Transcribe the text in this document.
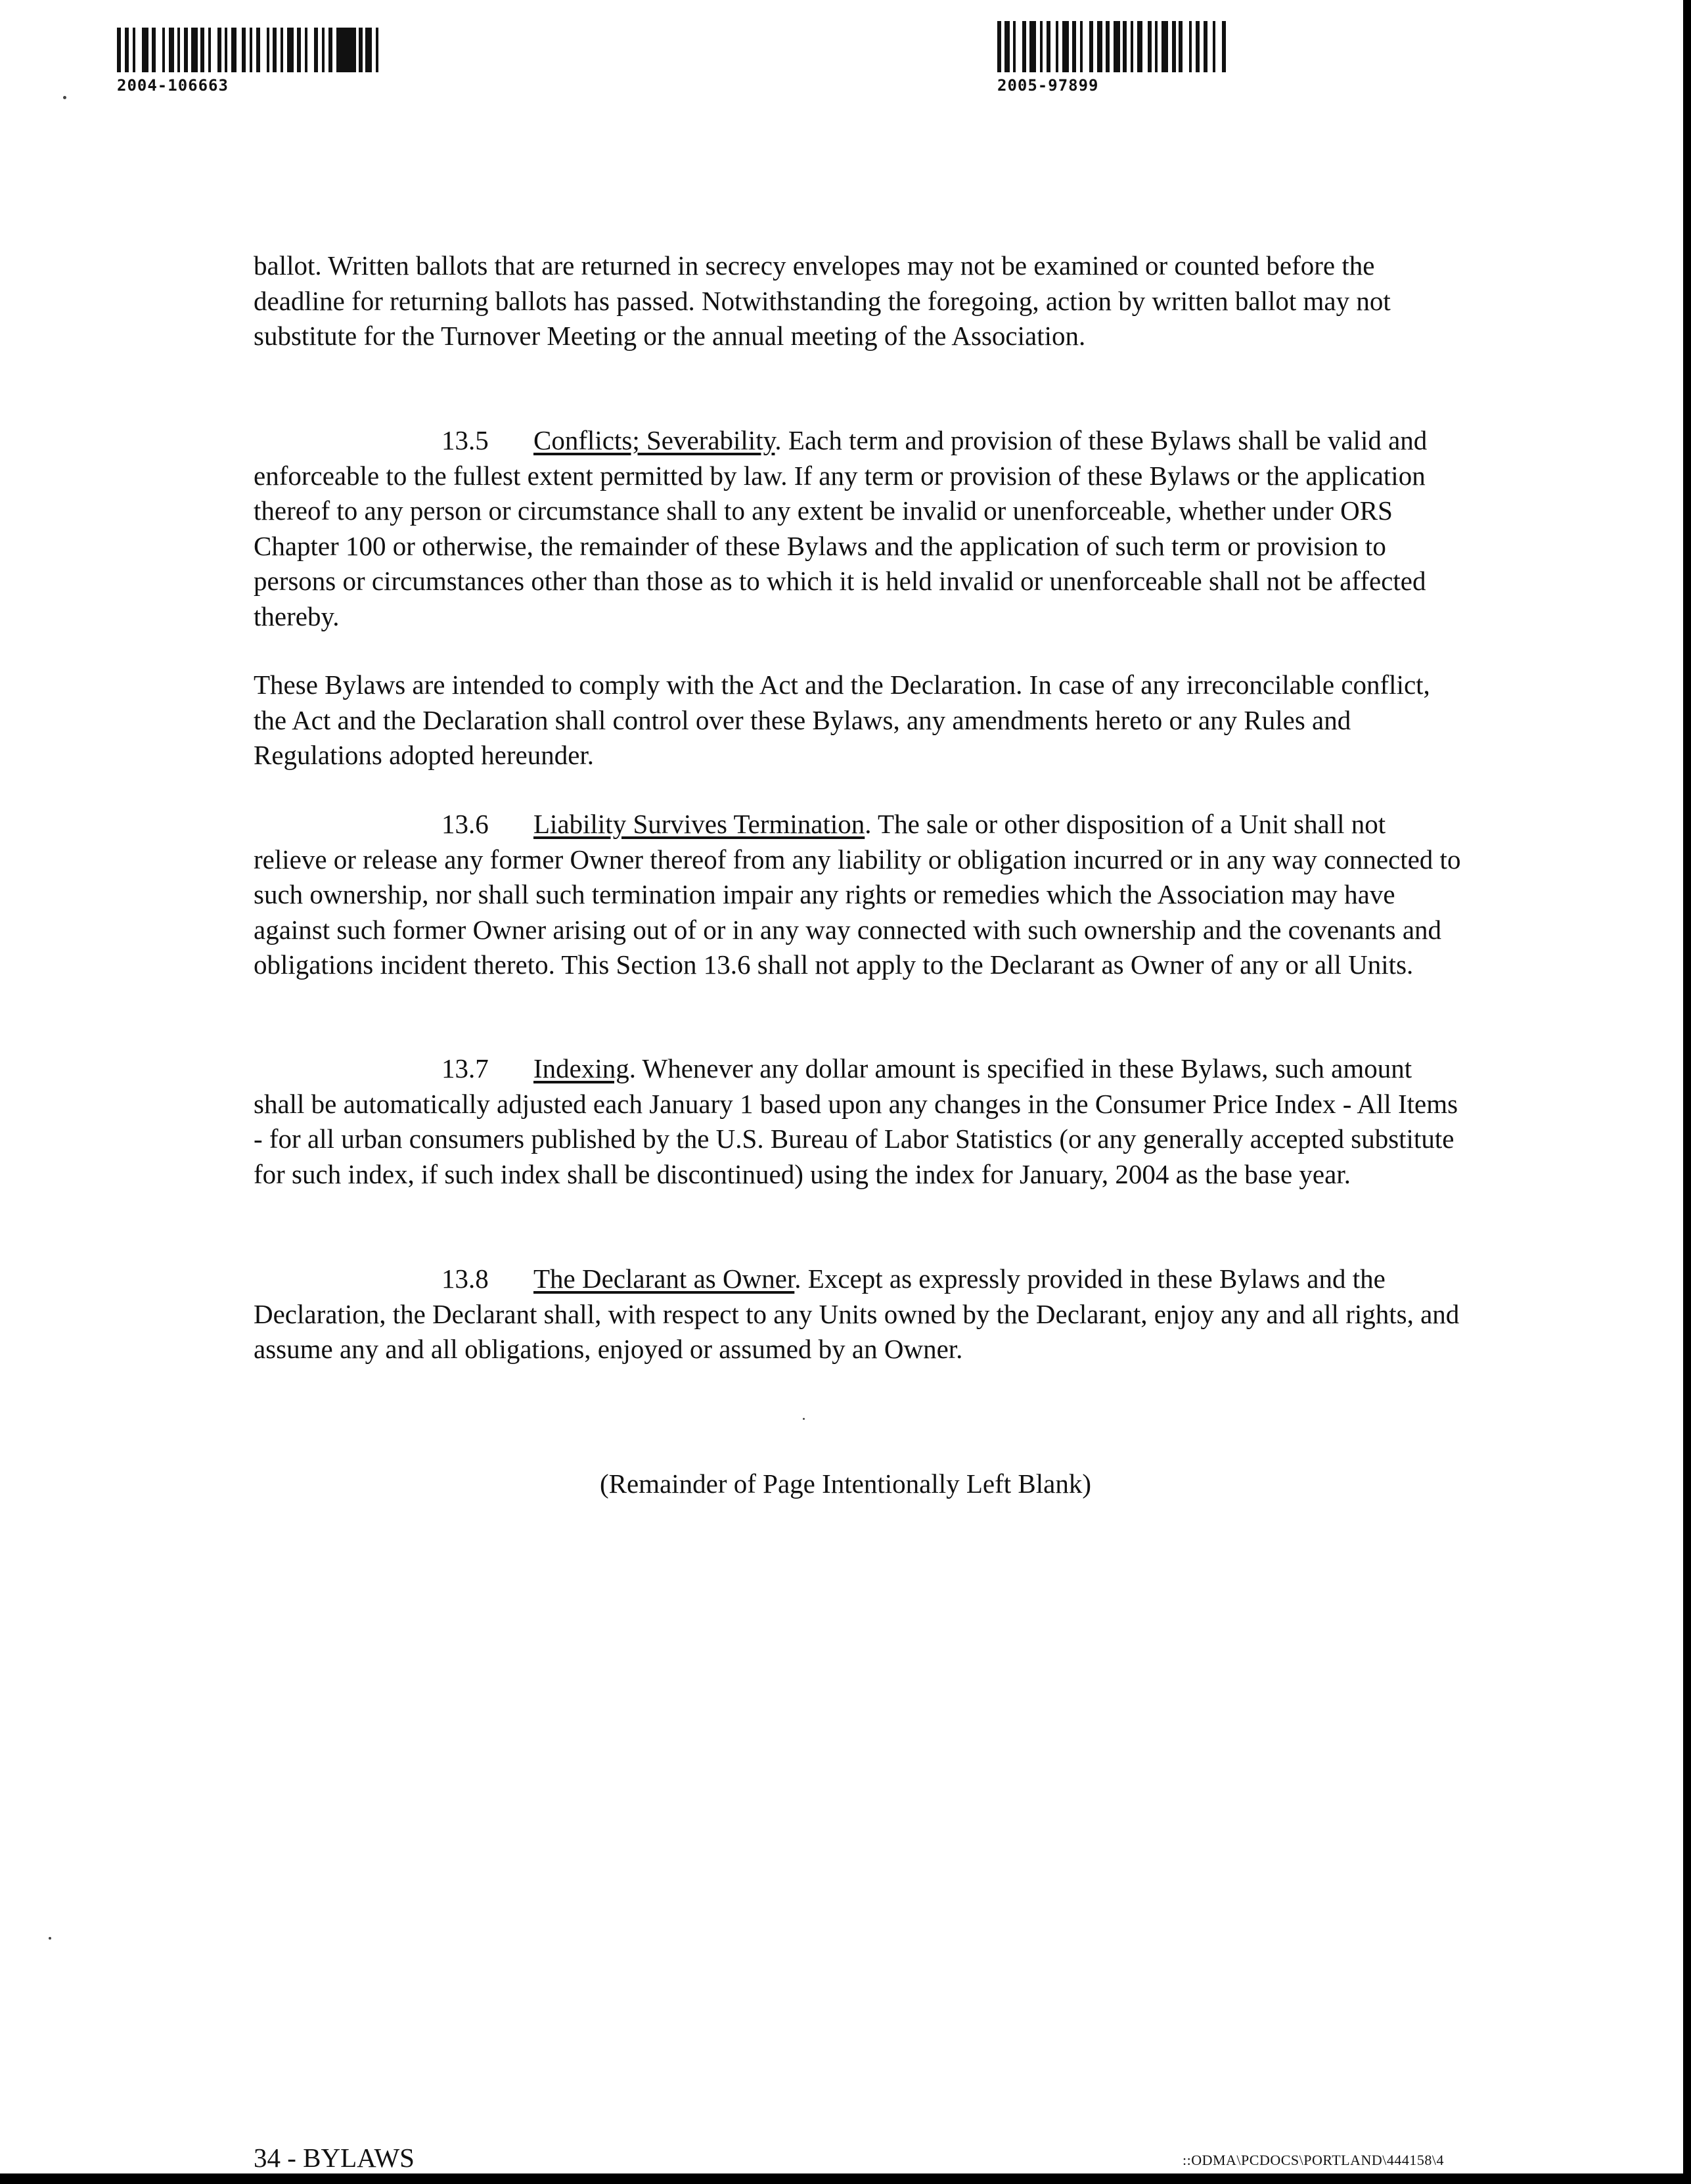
2004-106663	2005-97899

ballot. Written ballots that are returned in secrecy envelopes may not be examined or counted before the deadline for returning ballots has passed. Notwithstanding the foregoing, action by written ballot may not substitute for the Turnover Meeting or the annual meeting of the Association.

13.5 Conflicts; Severability. Each term and provision of these Bylaws shall be valid and enforceable to the fullest extent permitted by law. If any term or provision of these Bylaws or the application thereof to any person or circumstance shall to any extent be invalid or unenforceable, whether under ORS Chapter 100 or otherwise, the remainder of these Bylaws and the application of such term or provision to persons or circumstances other than those as to which it is held invalid or unenforceable shall not be affected thereby.

These Bylaws are intended to comply with the Act and the Declaration. In case of any irreconcilable conflict, the Act and the Declaration shall control over these Bylaws, any amendments hereto or any Rules and Regulations adopted hereunder.

13.6 Liability Survives Termination. The sale or other disposition of a Unit shall not relieve or release any former Owner thereof from any liability or obligation incurred or in any way connected to such ownership, nor shall such termination impair any rights or remedies which the Association may have against such former Owner arising out of or in any way connected with such ownership and the covenants and obligations incident thereto. This Section 13.6 shall not apply to the Declarant as Owner of any or all Units.

13.7 Indexing. Whenever any dollar amount is specified in these Bylaws, such amount shall be automatically adjusted each January 1 based upon any changes in the Consumer Price Index - All Items - for all urban consumers published by the U.S. Bureau of Labor Statistics (or any generally accepted substitute for such index, if such index shall be discontinued) using the index for January, 2004 as the base year.

13.8 The Declarant as Owner. Except as expressly provided in these Bylaws and the Declaration, the Declarant shall, with respect to any Units owned by the Declarant, enjoy any and all rights, and assume any and all obligations, enjoyed or assumed by an Owner.

(Remainder of Page Intentionally Left Blank)
34 - BYLAWS	::ODMA\PCDOCS\PORTLAND\444158\4
